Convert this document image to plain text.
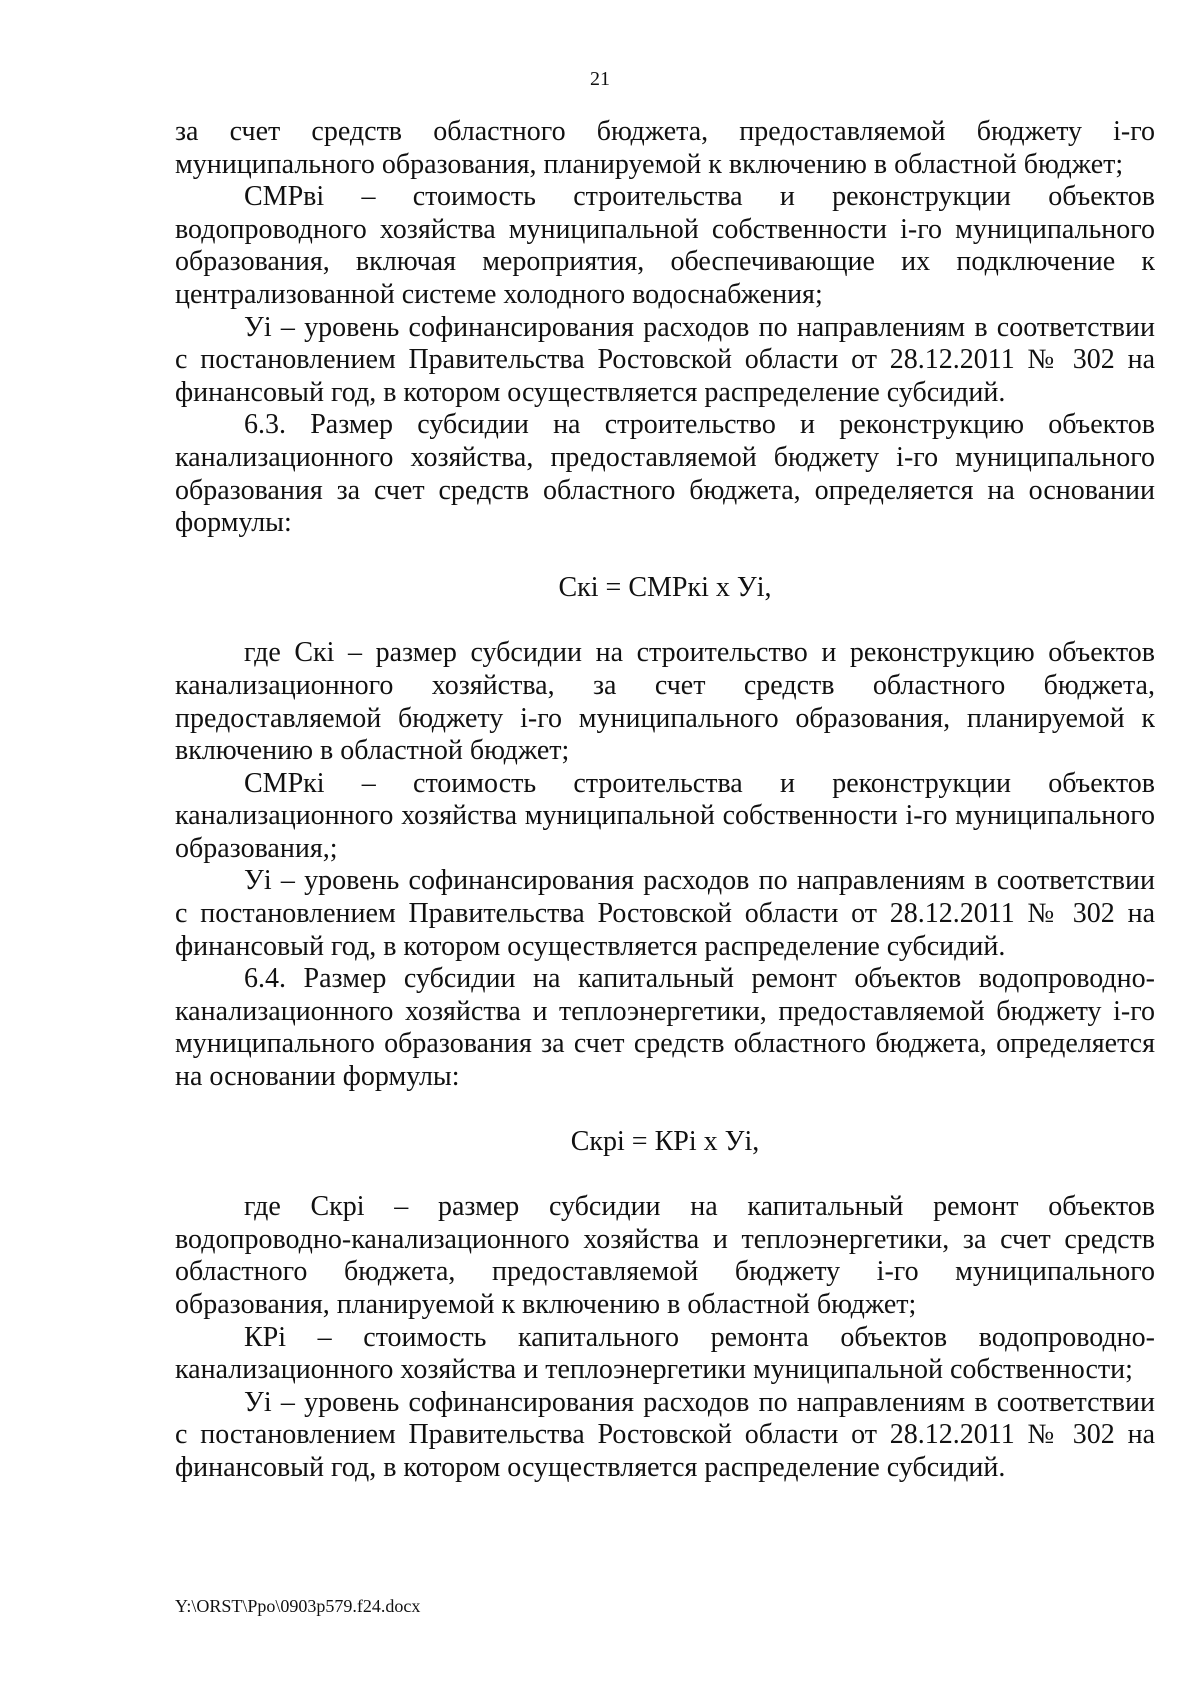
21

за счет средств областного бюджета, предоставляемой бюджету i-го муниципального образования, планируемой к включению в областной бюджет;

СМРвi – стоимость строительства и реконструкции объектов водопроводного хозяйства муниципальной собственности i-го муниципального образования, включая мероприятия, обеспечивающие их подключение к централизованной системе холодного водоснабжения;

Уi – уровень софинансирования расходов по направлениям в соответствии с постановлением Правительства Ростовской области от 28.12.2011 № 302 на финансовый год, в котором осуществляется распределение субсидий.

6.3. Размер субсидии на строительство и реконструкцию объектов канализационного хозяйства, предоставляемой бюджету i-го муниципального образования за счет средств областного бюджета, определяется на основании формулы:

Скi = СМРкi х Уi,

где Скi – размер субсидии на строительство и реконструкцию объектов канализационного хозяйства, за счет средств областного бюджета, предоставляемой бюджету i-го муниципального образования, планируемой к включению в областной бюджет;

СМРкi – стоимость строительства и реконструкции объектов канализационного хозяйства муниципальной собственности i-го муниципального образования,;

Уi – уровень софинансирования расходов по направлениям в соответствии с постановлением Правительства Ростовской области от 28.12.2011 № 302 на финансовый год, в котором осуществляется распределение субсидий.

6.4. Размер субсидии на капитальный ремонт объектов водопроводно-канализационного хозяйства и теплоэнергетики, предоставляемой бюджету i-го муниципального образования за счет средств областного бюджета, определяется на основании формулы:

Скрi = КРi х Уi,

где Скрi – размер субсидии на капитальный ремонт объектов водопроводно-канализационного хозяйства и теплоэнергетики, за счет средств областного бюджета, предоставляемой бюджету i-го муниципального образования, планируемой к включению в областной бюджет;

КРi – стоимость капитального ремонта объектов водопроводно-канализационного хозяйства и теплоэнергетики муниципальной собственности;

Уi – уровень софинансирования расходов по направлениям в соответствии с постановлением Правительства Ростовской области от 28.12.2011 № 302 на финансовый год, в котором осуществляется распределение субсидий.

Y:\ORST\Ppo\0903p579.f24.docx
